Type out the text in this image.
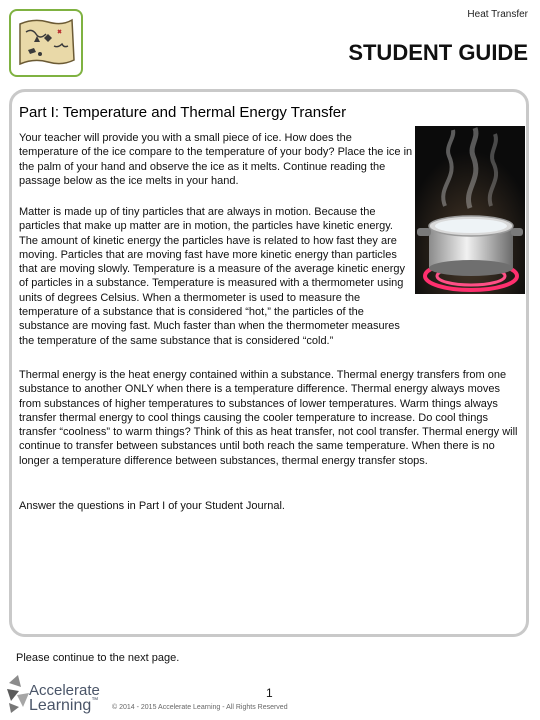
Heat Transfer
STUDENT GUIDE
Part I: Temperature and Thermal Energy Transfer

Your teacher will provide you with a small piece of ice. How does the temperature of the ice compare to the temperature of your body? Place the ice in the palm of your hand and observe the ice as it melts. Continue reading the passage below as the ice melts in your hand.

Matter is made up of tiny particles that are always in motion. Because the particles that make up matter are in motion, the particles have kinetic energy. The amount of kinetic energy the particles have is related to how fast they are moving. Particles that are moving fast have more kinetic energy than particles that are moving slowly. Temperature is a measure of the average kinetic energy of particles in a substance. Temperature is measured with a thermometer using units of degrees Celsius. When a thermometer is used to measure the temperature of a substance that is considered “hot,” the particles of the substance are moving fast. Much faster than when the thermometer measures the temperature of the same substance that is considered “cold.”

Thermal energy is the heat energy contained within a substance. Thermal energy transfers from one substance to another ONLY when there is a temperature difference. Thermal energy always moves from substances of higher temperatures to substances of lower temperatures. Warm things always transfer thermal energy to cool things causing the cooler temperature to increase. Do cool things transfer “coolness” to warm things? Think of this as heat transfer, not cool transfer. Thermal energy will continue to transfer between substances until both reach the same temperature. When there is no longer a temperature difference between substances, thermal energy transfer stops.

Answer the questions in Part I of your Student Journal.

Please continue to the next page.
Accelerate
Learning™
1
© 2014 - 2015 Accelerate Learning - All Rights Reserved
